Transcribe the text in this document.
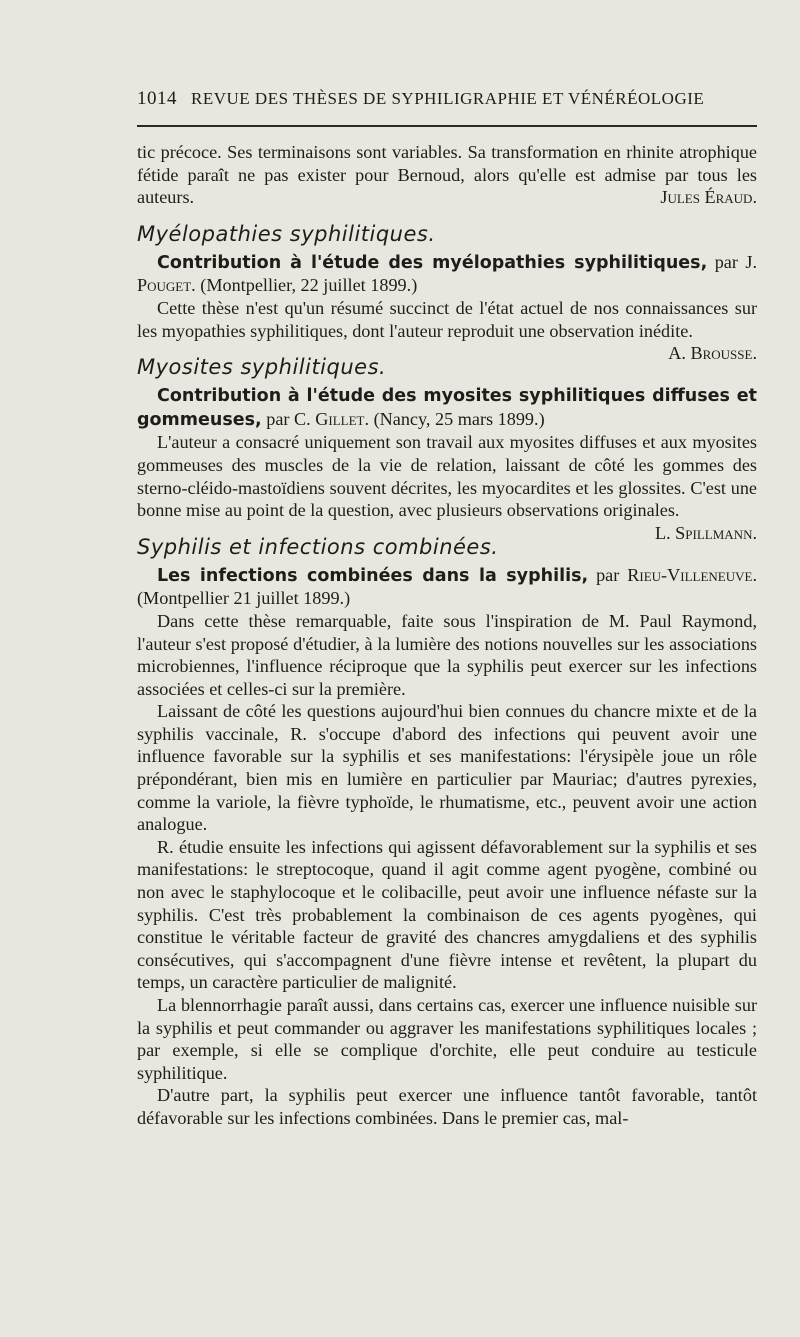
1014 REVUE DES THÈSES DE SYPHILIGRAPHIE ET VÉNÉRÉOLOGIE

tic précoce. Ses terminaisons sont variables. Sa transformation en rhinite atrophique fétide paraît ne pas exister pour Bernoud, alors qu'elle est admise par tous les auteurs.	Jules Éraud.

Myélopathies syphilitiques.

Contribution à l'étude des myélopathies syphilitiques, par J. Pouget. (Montpellier, 22 juillet 1899.)

Cette thèse n'est qu'un résumé succinct de l'état actuel de nos connaissances sur les myopathies syphilitiques, dont l'auteur reproduit une observation inédite.
A. Brousse.

Myosites syphilitiques.

Contribution à l'étude des myosites syphilitiques diffuses et gommeuses, par C. Gillet. (Nancy, 25 mars 1899.)

L'auteur a consacré uniquement son travail aux myosites diffuses et aux myosites gommeuses des muscles de la vie de relation, laissant de côté les gommes des sterno-cléido-mastoïdiens souvent décrites, les myocardites et les glossites. C'est une bonne mise au point de la question, avec plusieurs observations originales.
L. Spillmann.

Syphilis et infections combinées.

Les infections combinées dans la syphilis, par Rieu-Villeneuve. (Montpellier 21 juillet 1899.)

Dans cette thèse remarquable, faite sous l'inspiration de M. Paul Raymond, l'auteur s'est proposé d'étudier, à la lumière des notions nouvelles sur les associations microbiennes, l'influence réciproque que la syphilis peut exercer sur les infections associées et celles-ci sur la première.

Laissant de côté les questions aujourd'hui bien connues du chancre mixte et de la syphilis vaccinale, R. s'occupe d'abord des infections qui peuvent avoir une influence favorable sur la syphilis et ses manifestations: l'érysipèle joue un rôle prépondérant, bien mis en lumière en particulier par Mauriac; d'autres pyrexies, comme la variole, la fièvre typhoïde, le rhumatisme, etc., peuvent avoir une action analogue.

R. étudie ensuite les infections qui agissent défavorablement sur la syphilis et ses manifestations: le streptocoque, quand il agit comme agent pyogène, combiné ou non avec le staphylocoque et le colibacille, peut avoir une influence néfaste sur la syphilis. C'est très probablement la combinaison de ces agents pyogènes, qui constitue le véritable facteur de gravité des chancres amygdaliens et des syphilis consécutives, qui s'accompagnent d'une fièvre intense et revêtent, la plupart du temps, un caractère particulier de malignité.

La blennorrhagie paraît aussi, dans certains cas, exercer une influence nuisible sur la syphilis et peut commander ou aggraver les manifestations syphilitiques locales ; par exemple, si elle se complique d'orchite, elle peut conduire au testicule syphilitique.

D'autre part, la syphilis peut exercer une influence tantôt favorable, tantôt défavorable sur les infections combinées. Dans le premier cas, mal-
